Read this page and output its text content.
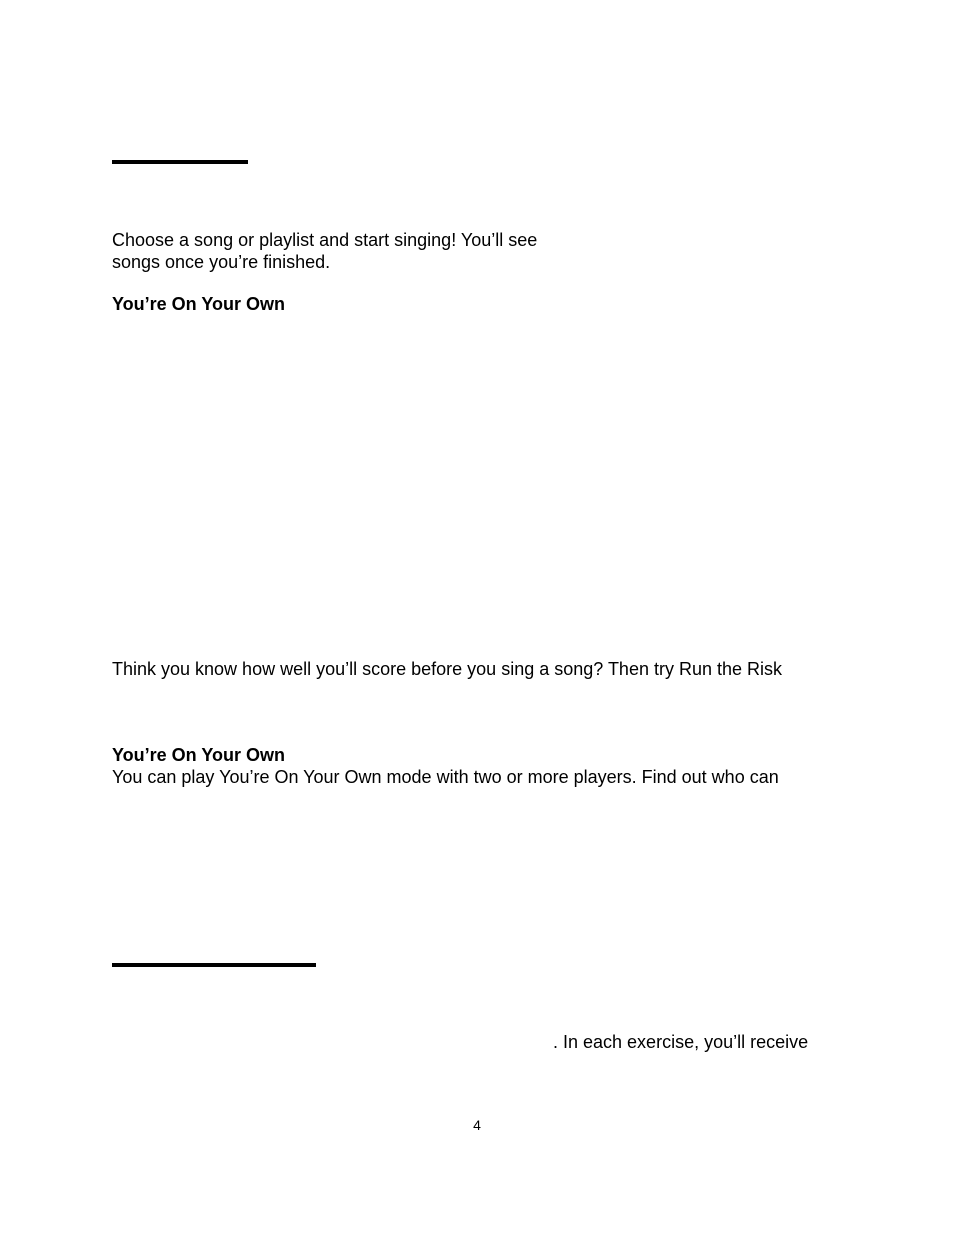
Choose a song or playlist and start singing! You’ll see
songs once you’re finished.
You’re On Your Own
Think you know how well you’ll score before you sing a song? Then try Run the Risk
You’re On Your Own
You can play You’re On Your Own mode with two or more players. Find out who can
. In each exercise, you’ll receive
4
